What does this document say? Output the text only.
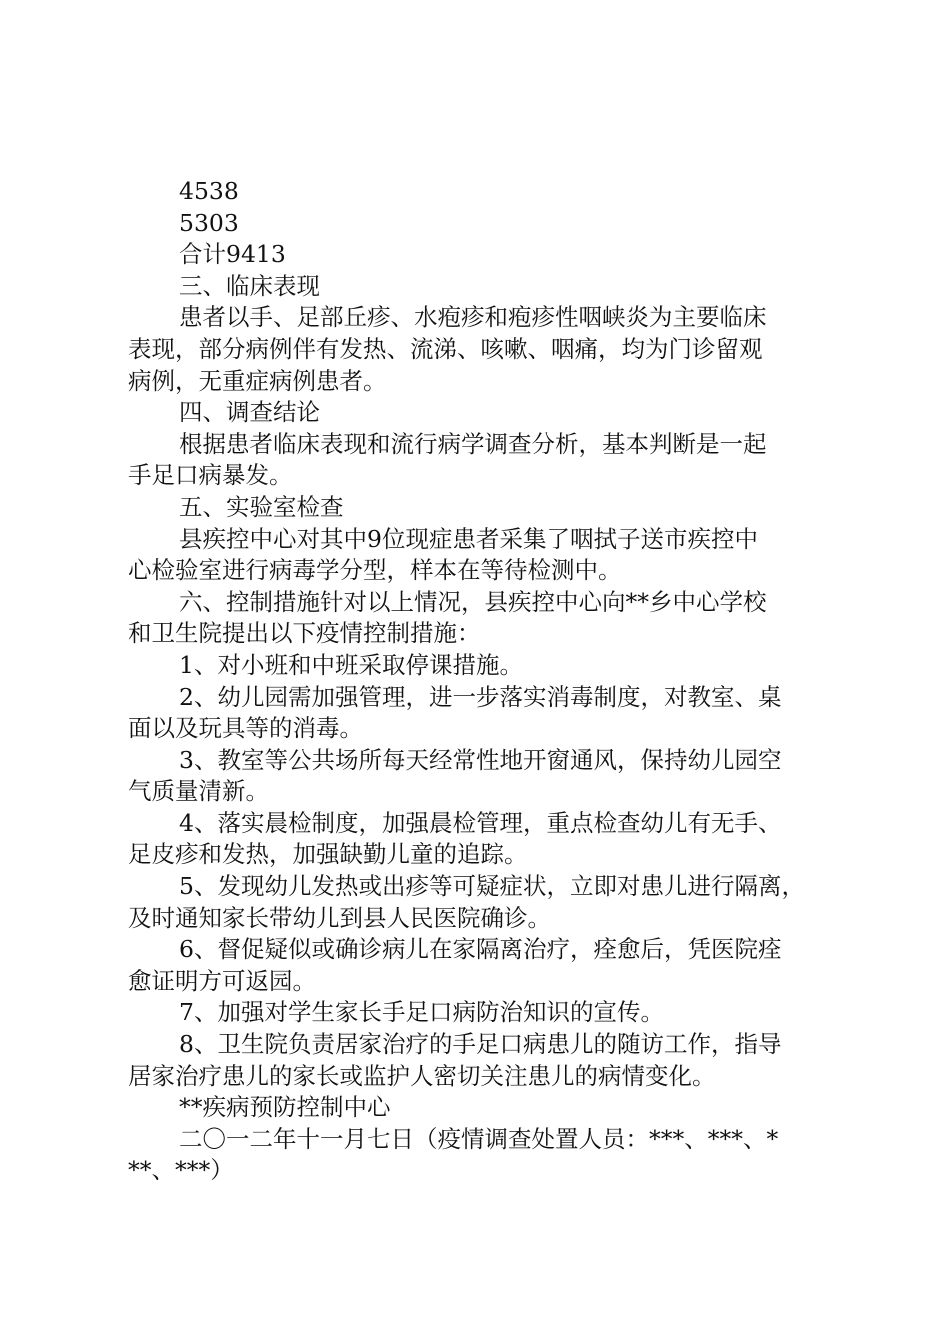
4538
5303
合计9413
三、临床表现
患者以手、足部丘疹、水疱疹和疱疹性咽峡炎为主要临床
表现，部分病例伴有发热、流涕、咳嗽、咽痛，均为门诊留观
病例，无重症病例患者。
四、调查结论
根据患者临床表现和流行病学调查分析，基本判断是一起
手足口病暴发。
五、实验室检查
县疾控中心对其中9位现症患者采集了咽拭子送市疾控中
心检验室进行病毒学分型，样本在等待检测中。
六、控制措施针对以上情况，县疾控中心向**乡中心学校
和卫生院提出以下疫情控制措施：
1、对小班和中班采取停课措施。
2、幼儿园需加强管理，进一步落实消毒制度，对教室、桌
面以及玩具等的消毒。
3、教室等公共场所每天经常性地开窗通风，保持幼儿园空
气质量清新。
4、落实晨检制度，加强晨检管理，重点检查幼儿有无手、
足皮疹和发热，加强缺勤儿童的追踪。
5、发现幼儿发热或出疹等可疑症状，立即对患儿进行隔离，
及时通知家长带幼儿到县人民医院确诊。
6、督促疑似或确诊病儿在家隔离治疗，痊愈后，凭医院痊
愈证明方可返园。
7、加强对学生家长手足口病防治知识的宣传。
8、卫生院负责居家治疗的手足口病患儿的随访工作，指导
居家治疗患儿的家长或监护人密切关注患儿的病情变化。
**疾病预防控制中心
二〇一二年十一月七日（疫情调查处置人员：***、***、*
**、***）
